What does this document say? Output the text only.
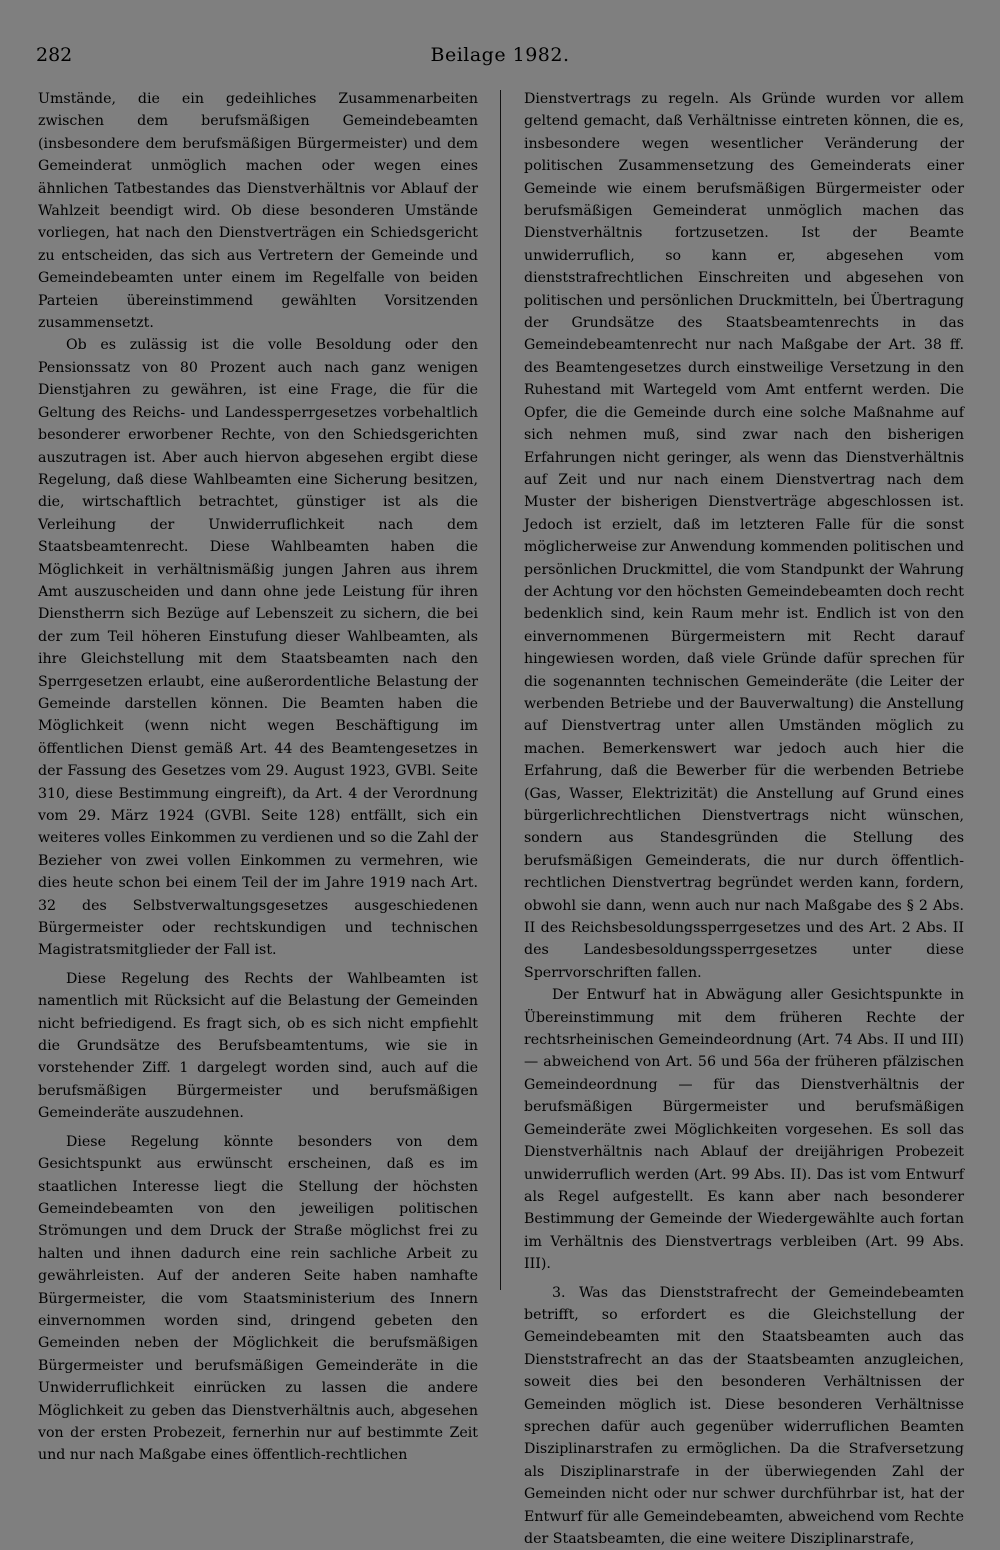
282	Beilage 1982.

Umstände, die ein gedeihliches Zusammenarbeiten zwischen dem berufsmäßigen Gemeindebeamten (insbesondere dem berufsmäßigen Bürgermeister) und dem Gemeinderat unmöglich machen oder wegen eines ähnlichen Tatbestandes das Dienstverhältnis vor Ablauf der Wahlzeit beendigt wird. Ob diese besonderen Umstände vorliegen, hat nach den Dienstverträgen ein Schiedsgericht zu entscheiden, das sich aus Vertretern der Gemeinde und Gemeindebeamten unter einem im Regelfalle von beiden Parteien übereinstimmend gewählten Vorsitzenden zusammensetzt.

Ob es zulässig ist die volle Besoldung oder den Pensionssatz von 80 Prozent auch nach ganz wenigen Dienstjahren zu gewähren, ist eine Frage, die für die Geltung des Reichs- und Landessperrgesetzes vorbehaltlich besonderer erworbener Rechte, von den Schiedsgerichten auszutragen ist. Aber auch hiervon abgesehen ergibt diese Regelung, daß diese Wahlbeamten eine Sicherung besitzen, die, wirtschaftlich betrachtet, günstiger ist als die Verleihung der Unwiderruflichkeit nach dem Staatsbeamtenrecht. Diese Wahlbeamten haben die Möglichkeit in verhältnismäßig jungen Jahren aus ihrem Amt auszuscheiden und dann ohne jede Leistung für ihren Dienstherrn sich Bezüge auf Lebenszeit zu sichern, die bei der zum Teil höheren Einstufung dieser Wahlbeamten, als ihre Gleichstellung mit dem Staatsbeamten nach den Sperrgesetzen erlaubt, eine außerordentliche Belastung der Gemeinde darstellen können. Die Beamten haben die Möglichkeit (wenn nicht wegen Beschäftigung im öffentlichen Dienst gemäß Art. 44 des Beamtengesetzes in der Fassung des Gesetzes vom 29. August 1923, GVBl. Seite 310, diese Bestimmung eingreift), da Art. 4 der Verordnung vom 29. März 1924 (GVBl. Seite 128) entfällt, sich ein weiteres volles Einkommen zu verdienen und so die Zahl der Bezieher von zwei vollen Einkommen zu vermehren, wie dies heute schon bei einem Teil der im Jahre 1919 nach Art. 32 des Selbstverwaltungsgesetzes ausgeschiedenen Bürgermeister oder rechtskundigen und technischen Magistratsmitglieder der Fall ist.

Diese Regelung des Rechts der Wahlbeamten ist namentlich mit Rücksicht auf die Belastung der Gemeinden nicht befriedigend. Es fragt sich, ob es sich nicht empfiehlt die Grundsätze des Berufsbeamtentums, wie sie in vorstehender Ziff. 1 dargelegt worden sind, auch auf die berufsmäßigen Bürgermeister und berufsmäßigen Gemeinderäte auszudehnen.

Diese Regelung könnte besonders von dem Gesichtspunkt aus erwünscht erscheinen, daß es im staatlichen Interesse liegt die Stellung der höchsten Gemeindebeamten von den jeweiligen politischen Strömungen und dem Druck der Straße möglichst frei zu halten und ihnen dadurch eine rein sachliche Arbeit zu gewährleisten. Auf der anderen Seite haben namhafte Bürgermeister, die vom Staatsministerium des Innern einvernommen worden sind, dringend gebeten den Gemeinden neben der Möglichkeit die berufsmäßigen Bürgermeister und berufsmäßigen Gemeinderäte in die Unwiderruflichkeit einrücken zu lassen die andere Möglichkeit zu geben das Dienstverhältnis auch, abgesehen von der ersten Probezeit, fernerhin nur auf bestimmte Zeit und nur nach Maßgabe eines öffentlich-rechtlichen

Dienstvertrags zu regeln. Als Gründe wurden vor allem geltend gemacht, daß Verhältnisse eintreten können, die es, insbesondere wegen wesentlicher Veränderung der politischen Zusammensetzung des Gemeinderats einer Gemeinde wie einem berufsmäßigen Bürgermeister oder berufsmäßigen Gemeinderat unmöglich machen das Dienstverhältnis fortzusetzen. Ist der Beamte unwiderruflich, so kann er, abgesehen vom dienststrafrechtlichen Einschreiten und abgesehen von politischen und persönlichen Druckmitteln, bei Übertragung der Grundsätze des Staatsbeamtenrechts in das Gemeindebeamtenrecht nur nach Maßgabe der Art. 38 ff. des Beamtengesetzes durch einstweilige Versetzung in den Ruhestand mit Wartegeld vom Amt entfernt werden. Die Opfer, die die Gemeinde durch eine solche Maßnahme auf sich nehmen muß, sind zwar nach den bisherigen Erfahrungen nicht geringer, als wenn das Dienstverhältnis auf Zeit und nur nach einem Dienstvertrag nach dem Muster der bisherigen Dienstverträge abgeschlossen ist. Jedoch ist erzielt, daß im letzteren Falle für die sonst möglicherweise zur Anwendung kommenden politischen und persönlichen Druckmittel, die vom Standpunkt der Wahrung der Achtung vor den höchsten Gemeindebeamten doch recht bedenklich sind, kein Raum mehr ist. Endlich ist von den einvernommenen Bürgermeistern mit Recht darauf hingewiesen worden, daß viele Gründe dafür sprechen für die sogenannten technischen Gemeinderäte (die Leiter der werbenden Betriebe und der Bauverwaltung) die Anstellung auf Dienstvertrag unter allen Umständen möglich zu machen. Bemerkenswert war jedoch auch hier die Erfahrung, daß die Bewerber für die werbenden Betriebe (Gas, Wasser, Elektrizität) die Anstellung auf Grund eines bürgerlichrechtlichen Dienstvertrags nicht wünschen, sondern aus Standesgründen die Stellung des berufsmäßigen Gemeinderats, die nur durch öffentlich-rechtlichen Dienstvertrag begründet werden kann, fordern, obwohl sie dann, wenn auch nur nach Maßgabe des § 2 Abs. II des Reichsbesoldungssperrgesetzes und des Art. 2 Abs. II des Landesbesoldungssperrgesetzes unter diese Sperrvorschriften fallen.

Der Entwurf hat in Abwägung aller Gesichtspunkte in Übereinstimmung mit dem früheren Rechte der rechtsrheinischen Gemeindeordnung (Art. 74 Abs. II und III) — abweichend von Art. 56 und 56a der früheren pfälzischen Gemeindeordnung — für das Dienstverhältnis der berufsmäßigen Bürgermeister und berufsmäßigen Gemeinderäte zwei Möglichkeiten vorgesehen. Es soll das Dienstverhältnis nach Ablauf der dreijährigen Probezeit unwiderruflich werden (Art. 99 Abs. II). Das ist vom Entwurf als Regel aufgestellt. Es kann aber nach besonderer Bestimmung der Gemeinde der Wiedergewählte auch fortan im Verhältnis des Dienstvertrags verbleiben (Art. 99 Abs. III).

3. Was das Dienststrafrecht der Gemeindebeamten betrifft, so erfordert es die Gleichstellung der Gemeindebeamten mit den Staatsbeamten auch das Dienststrafrecht an das der Staatsbeamten anzugleichen, soweit dies bei den besonderen Verhältnissen der Gemeinden möglich ist. Diese besonderen Verhältnisse sprechen dafür auch gegenüber widerruflichen Beamten Disziplinarstrafen zu ermöglichen. Da die Strafversetzung als Disziplinarstrafe in der überwiegenden Zahl der Gemeinden nicht oder nur schwer durchführbar ist, hat der Entwurf für alle Gemeindebeamten, abweichend vom Rechte der Staatsbeamten, die eine weitere Disziplinarstrafe,
